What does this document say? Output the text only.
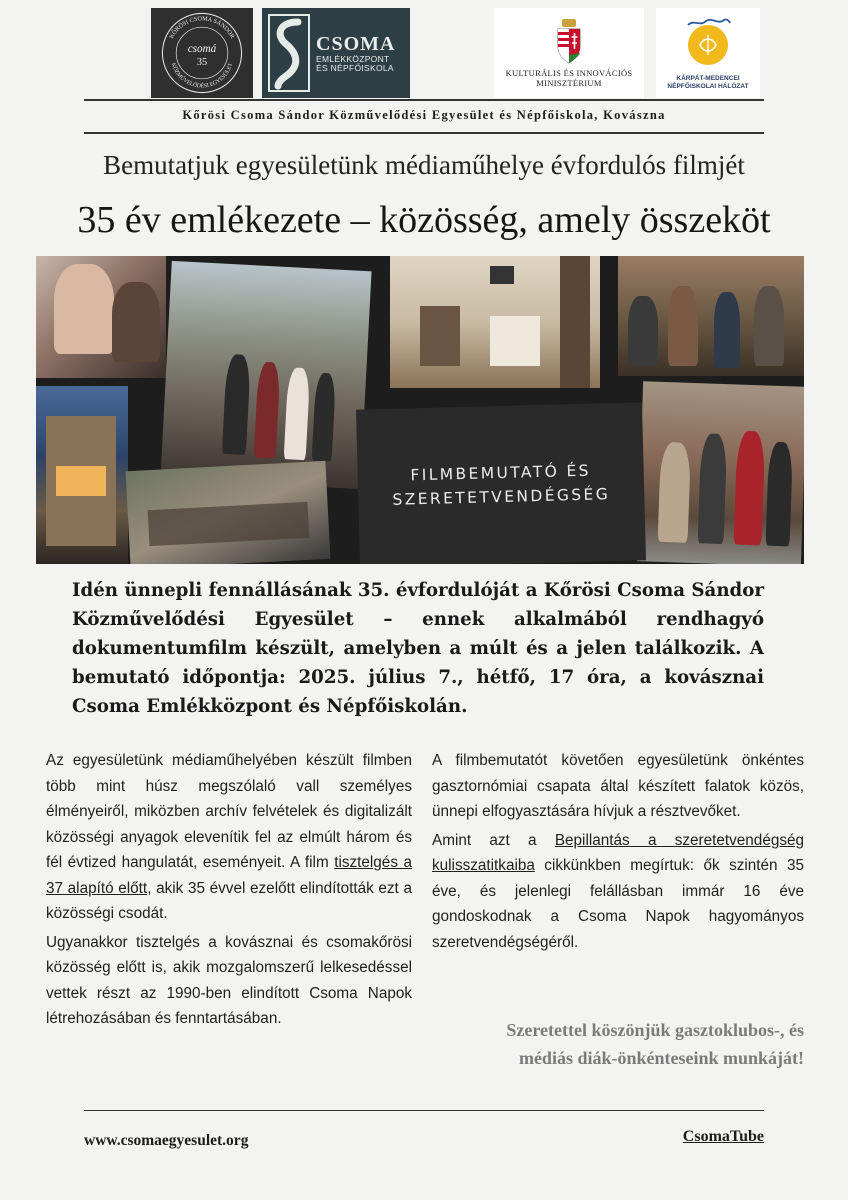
KŐRÖSI CSOMA SÁNDOR
KÖZMŰVELŐDÉSI EGYESÜLET
csomá
35
CSOMA
EMLÉKKÖZPONT
ÉS NÉPFŐISKOLA
KULTURÁLIS ÉS INNOVÁCIÓS
MINISZTÉRIUM	KÁRPÁT-MEDENCEI
NÉPFŐISKOLAI HÁLÓZAT
Kőrösi Csoma Sándor Közművelődési Egyesület és Népfőiskola, Kovászna
Bemutatjuk egyesületünk médiaműhelye évfordulós filmjét
35 év emlékezete – közösség, amely összeköt
FILMBEMUTATÓ ÉS
SZERETETVENDÉGSÉG
Idén ünnepli fennállásának 35. évfordulóját a Kőrösi Csoma Sándor Közművelődési Egyesület – ennek alkalmából rendhagyó dokumentumfilm készült, amelyben a múlt és a jelen találkozik. A bemutató időpontja: 2025. július 7., hétfő, 17 óra, a kovásznai Csoma Emlékközpont és Népfőiskolán.

Az egyesületünk médiaműhelyében készült filmben több mint húsz megszólaló vall személyes élményeiről, miközben archív felvételek és digitalizált közösségi anyagok elevenítik fel az elmúlt három és fél évtized hangulatát, eseményeit. A film tisztelgés a 37 alapító előtt, akik 35 évvel ezelőtt elindították ezt a közösségi csodát.

Ugyanakkor tisztelgés a kovásznai és csomakőrösi közösség előtt is, akik mozgalomszerű lelkesedéssel vettek részt az 1990-ben elindított Csoma Napok létrehozásában és fenntartásában.

A filmbemutatót követően egyesületünk önkéntes gasztornómiai csapata által készített falatok közös, ünnepi elfogyasztására hívjuk a résztvevőket.

Amint azt a Bepillantás a szeretetvendégség kulisszatitkaiba cikkünkben megírtuk: ők szintén 35 éve, és jelenlegi felállásban immár 16 éve gondoskodnak a Csoma Napok hagyományos szeretvendégségéről.

Szeretettel köszönjük gasztoklubos-, és
médiás diák-önkénteseink munkáját!
www.csomaegyesulet.org	CsomaTube
